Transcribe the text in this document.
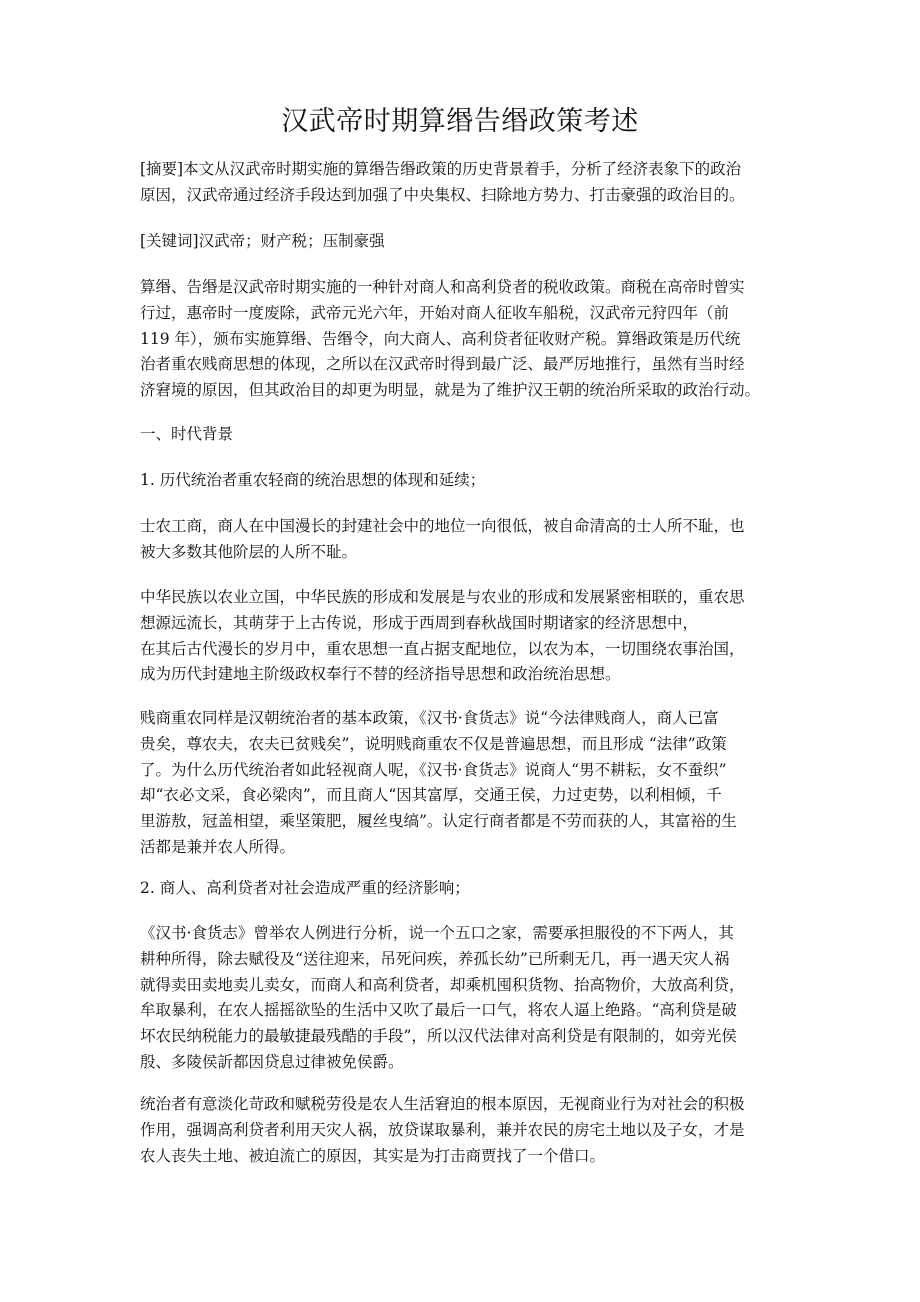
汉武帝时期算缗告缗政策考述
[摘要]本文从汉武帝时期实施的算缗告缗政策的历史背景着手，分析了经济表象下的政治
原因，汉武帝通过经济手段达到加强了中央集权、扫除地方势力、打击豪强的政治目的。
[关键词]汉武帝；财产税；压制豪强
算缗、告缗是汉武帝时期实施的一种针对商人和高利贷者的税收政策。商税在高帝时曾实
行过，惠帝时一度废除，武帝元光六年，开始对商人征收车船税，汉武帝元狩四年（前
119 年），颁布实施算缗、告缗令，向大商人、高利贷者征收财产税。算缗政策是历代统
治者重农贱商思想的体现，之所以在汉武帝时得到最广泛、最严厉地推行，虽然有当时经
济窘境的原因，但其政治目的却更为明显，就是为了维护汉王朝的统治所采取的政治行动。
一、时代背景
1. 历代统治者重农轻商的统治思想的体现和延续；
士农工商，商人在中国漫长的封建社会中的地位一向很低，被自命清高的士人所不耻，也
被大多数其他阶层的人所不耻。
中华民族以农业立国，中华民族的形成和发展是与农业的形成和发展紧密相联的，重农思
想源远流长，其萌芽于上古传说，形成于西周到春秋战国时期诸家的经济思想中，
在其后古代漫长的岁月中，重农思想一直占据支配地位，以农为本，一切围绕农事治国，
成为历代封建地主阶级政权奉行不替的经济指导思想和政治统治思想。
贱商重农同样是汉朝统治者的基本政策，《汉书·食货志》说“今法律贱商人，商人已富
贵矣，尊农夫，农夫已贫贱矣”，说明贱商重农不仅是普遍思想，而且形成 “法律”政策
了。为什么历代统治者如此轻视商人呢，《汉书·食货志》说商人“男不耕耘，女不蚕织”
却“衣必文采，食必梁肉”，而且商人“因其富厚，交通王侯，力过吏势，以利相倾，千
里游敖，冠盖相望，乘坚策肥，履丝曳缟”。认定行商者都是不劳而获的人，其富裕的生
活都是兼并农人所得。
2. 商人、高利贷者对社会造成严重的经济影响；
《汉书·食货志》曾举农人例进行分析，说一个五口之家，需要承担服役的不下两人，其
耕种所得，除去赋役及“送往迎来，吊死问疾，养孤长幼”已所剩无几，再一遇天灾人祸
就得卖田卖地卖儿卖女，而商人和高利贷者，却乘机囤积货物、抬高物价，大放高利贷，
牟取暴利，在农人摇摇欲坠的生活中又吹了最后一口气，将农人逼上绝路。“高利贷是破
坏农民纳税能力的最敏捷最残酷的手段”，所以汉代法律对高利贷是有限制的，如旁光侯
殷、多陵侯訢都因贷息过律被免侯爵。
统治者有意淡化苛政和赋税劳役是农人生活窘迫的根本原因，无视商业行为对社会的积极
作用，强调高利贷者利用天灾人祸，放贷谋取暴利，兼并农民的房宅土地以及子女，才是
农人丧失土地、被迫流亡的原因，其实是为打击商贾找了一个借口。
